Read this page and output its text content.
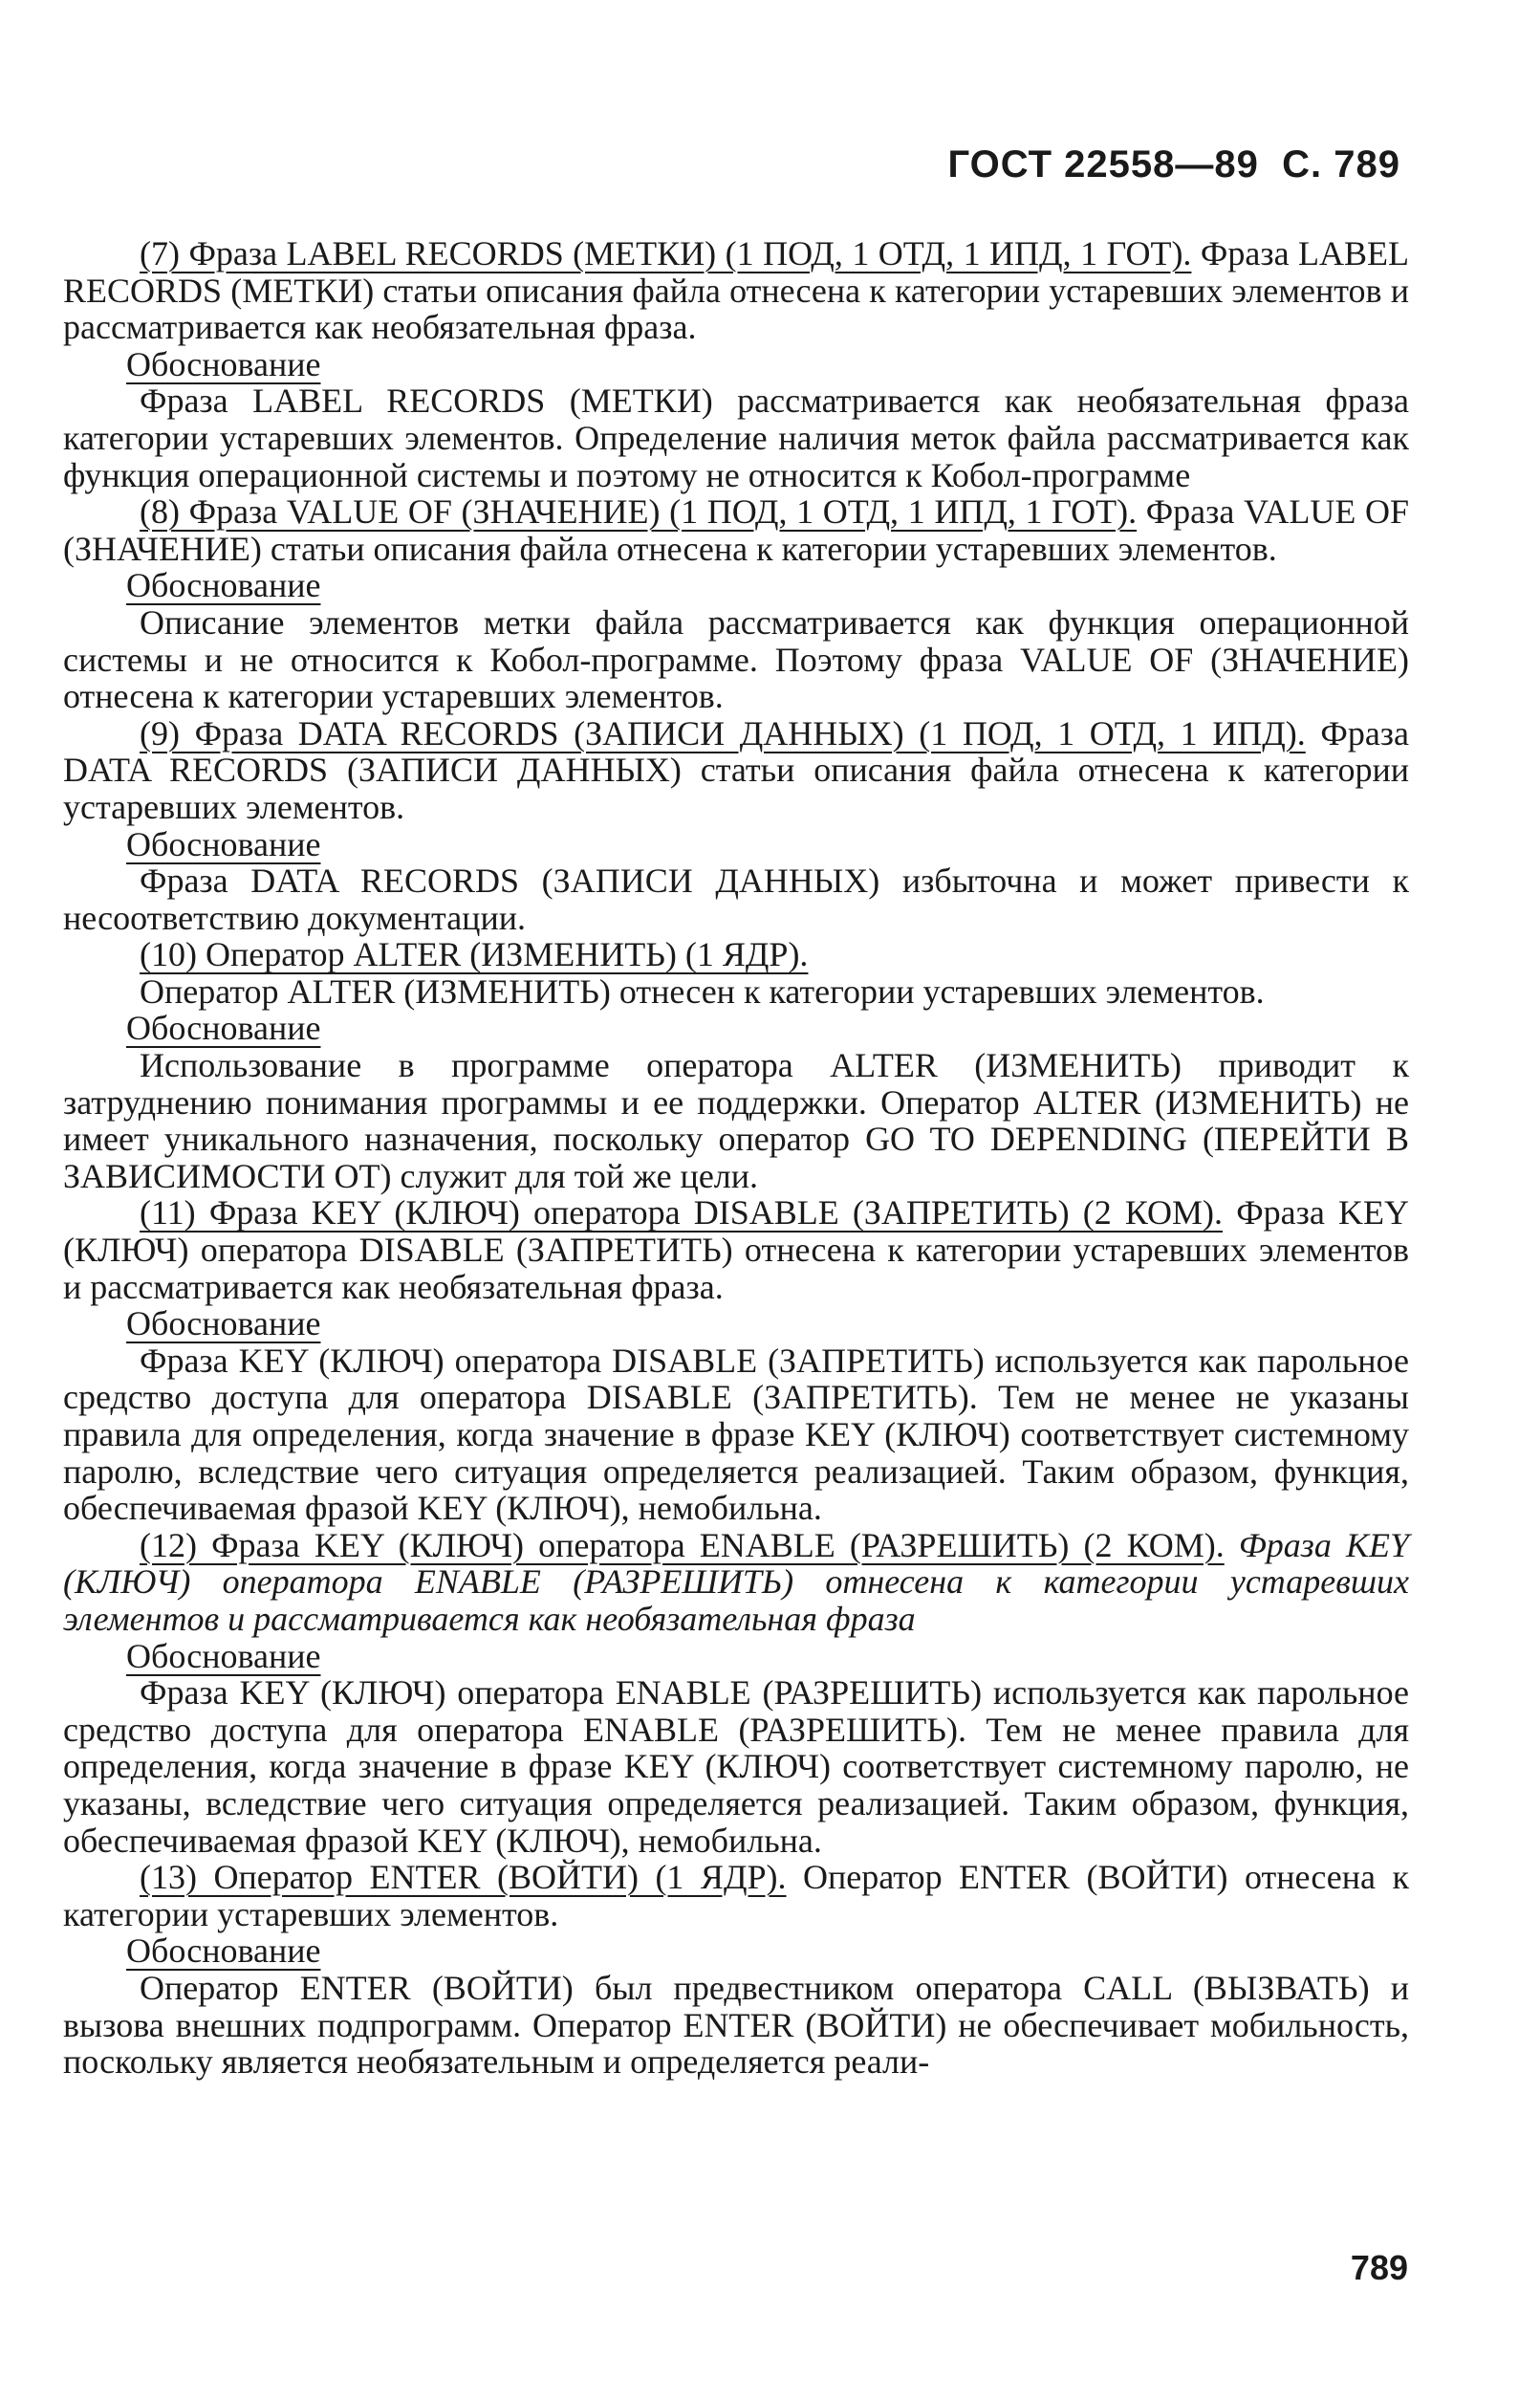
ГОСТ 22558—89 С. 789

(7) Фраза LABEL RECORDS (МЕТКИ) (1 ПОД, 1 ОТД, 1 ИПД, 1 ГОТ). Фраза LABEL RECORDS (МЕТКИ) статьи описания файла отнесена к категории устаревших элементов и рассматривается как необязательная фраза.

Обоснование

Фраза LABEL RECORDS (МЕТКИ) рассматривается как необязательная фраза категории устаревших элементов. Определение наличия меток файла рассматривается как функция операционной системы и поэтому не относится к Кобол-программе

(8) Фраза VALUE OF (ЗНАЧЕНИЕ) (1 ПОД, 1 ОТД, 1 ИПД, 1 ГОТ). Фраза VALUE OF (ЗНАЧЕНИЕ) статьи описания файла отнесена к категории устаревших элементов.

Обоснование

Описание элементов метки файла рассматривается как функция операционной системы и не относится к Кобол-программе. Поэтому фраза VALUE OF (ЗНАЧЕНИЕ) отнесена к категории устаревших элементов.

(9) Фраза DATA RECORDS (ЗАПИСИ ДАННЫХ) (1 ПОД, 1 ОТД, 1 ИПД). Фраза DATA RECORDS (ЗАПИСИ ДАННЫХ) статьи описания файла отнесена к категории устаревших элементов.

Обоснование

Фраза DATA RECORDS (ЗАПИСИ ДАННЫХ) избыточна и может привести к несоответствию документации.

(10) Оператор ALTER (ИЗМЕНИТЬ) (1 ЯДР).

Оператор ALTER (ИЗМЕНИТЬ) отнесен к категории устаревших элементов.

Обоснование

Использование в программе оператора ALTER (ИЗМЕНИТЬ) приводит к затруднению понимания программы и ее поддержки. Оператор ALTER (ИЗМЕНИТЬ) не имеет уникального назначения, поскольку оператор GO TO DEPENDING (ПЕРЕЙТИ В ЗАВИСИМОСТИ ОТ) служит для той же цели.

(11) Фраза KEY (КЛЮЧ) оператора DISABLE (ЗАПРЕТИТЬ) (2 КОМ). Фраза KEY (КЛЮЧ) оператора DISABLE (ЗАПРЕТИТЬ) отнесена к категории устаревших элементов и рассматривается как необязательная фраза.

Обоснование

Фраза KEY (КЛЮЧ) оператора DISABLE (ЗАПРЕТИТЬ) используется как парольное средство доступа для оператора DISABLE (ЗАПРЕТИТЬ). Тем не менее не указаны правила для определения, когда значение в фразе KEY (КЛЮЧ) соответствует системному паролю, вследствие чего ситуация определяется реализацией. Таким образом, функция, обеспечиваемая фразой KEY (КЛЮЧ), немобильна.

(12) Фраза KEY (КЛЮЧ) оператора ENABLE (РАЗРЕШИТЬ) (2 КОМ). Фраза KEY (КЛЮЧ) оператора ENABLE (РАЗРЕШИТЬ) отнесена к категории устаревших элементов и рассматривается как необязательная фраза

Обоснование

Фраза KEY (КЛЮЧ) оператора ENABLE (РАЗРЕШИТЬ) используется как парольное средство доступа для оператора ENABLE (РАЗРЕШИТЬ). Тем не менее правила для определения, когда значение в фразе KEY (КЛЮЧ) соответствует системному паролю, не указаны, вследствие чего ситуация определяется реализацией. Таким образом, функция, обеспечиваемая фразой KEY (КЛЮЧ), немобильна.

(13) Оператор ENTER (ВОЙТИ) (1 ЯДР). Оператор ENTER (ВОЙТИ) отнесена к категории устаревших элементов.

Обоснование

Оператор ENTER (ВОЙТИ) был предвестником оператора CALL (ВЫЗВАТЬ) и вызова внешних подпрограмм. Оператор ENTER (ВОЙТИ) не обеспечивает мобильность, поскольку является необязательным и определяется реали-

789
